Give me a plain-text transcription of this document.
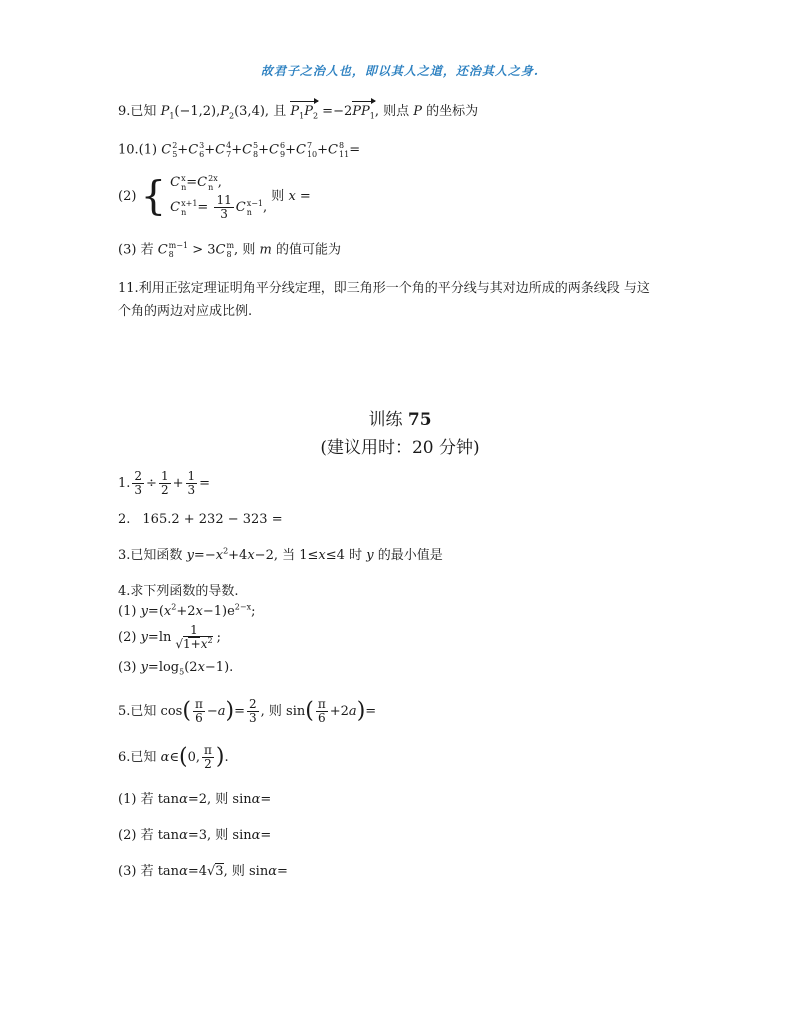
故君子之治人也，即以其人之道，还治其人之身.
9.已知 $P_1(-1,2),P_2(3,4)$, 且 $P_1P_2 =-2PP_1$, 则点 P 的坐标为
10.(1) C 2
5 +C 3
6 +C 4
7 +C 5
8 +C 6
9 +C 7
10 +C 8
11 =
(2) { C x
n =C 2x
n ,
C x+1
$n = \frac{11}{3}$ C x−1
n ,
则 x =
(3) 若 C m−1
8	> 3C m
8 , 则 m 的值可能为
11.利用正弦定理证明角平分线定理，即三角形一个角的平分线与其对边所成的两条线段 与这
个角的两边对应成比例.
训练 75
(建议用时：20 分钟)
1. $\frac{2}{3} \div \frac{1}{2} + \frac{1}{3}$ =
2. 165.2 + 232 − 323 =
3.已知函数 $y=-x^2+4x-2$, 当 1≤x≤4 时 y 的最小值是
4.求下列函数的导数.
(1) $y=(x^2+2x-1)e^{2-x}$;
(2) $y=\ln \frac{1}{√1+x^2}$ ;
(3) $y=\log_5(2x-1)$.
5.已知 $\cos( \frac{\pi}{6} -a)= \frac{2}{3}$ , 则 $\sin( \frac{\pi}{6} +2a)=$
6.已知 α∈(0, $\frac{\pi}{2}$ ).
(1) 若 tanα=2, 则 sinα=
(2) 若 tanα=3, 则 sinα=
(3) 若 tanα=4√3, 则 sinα=
